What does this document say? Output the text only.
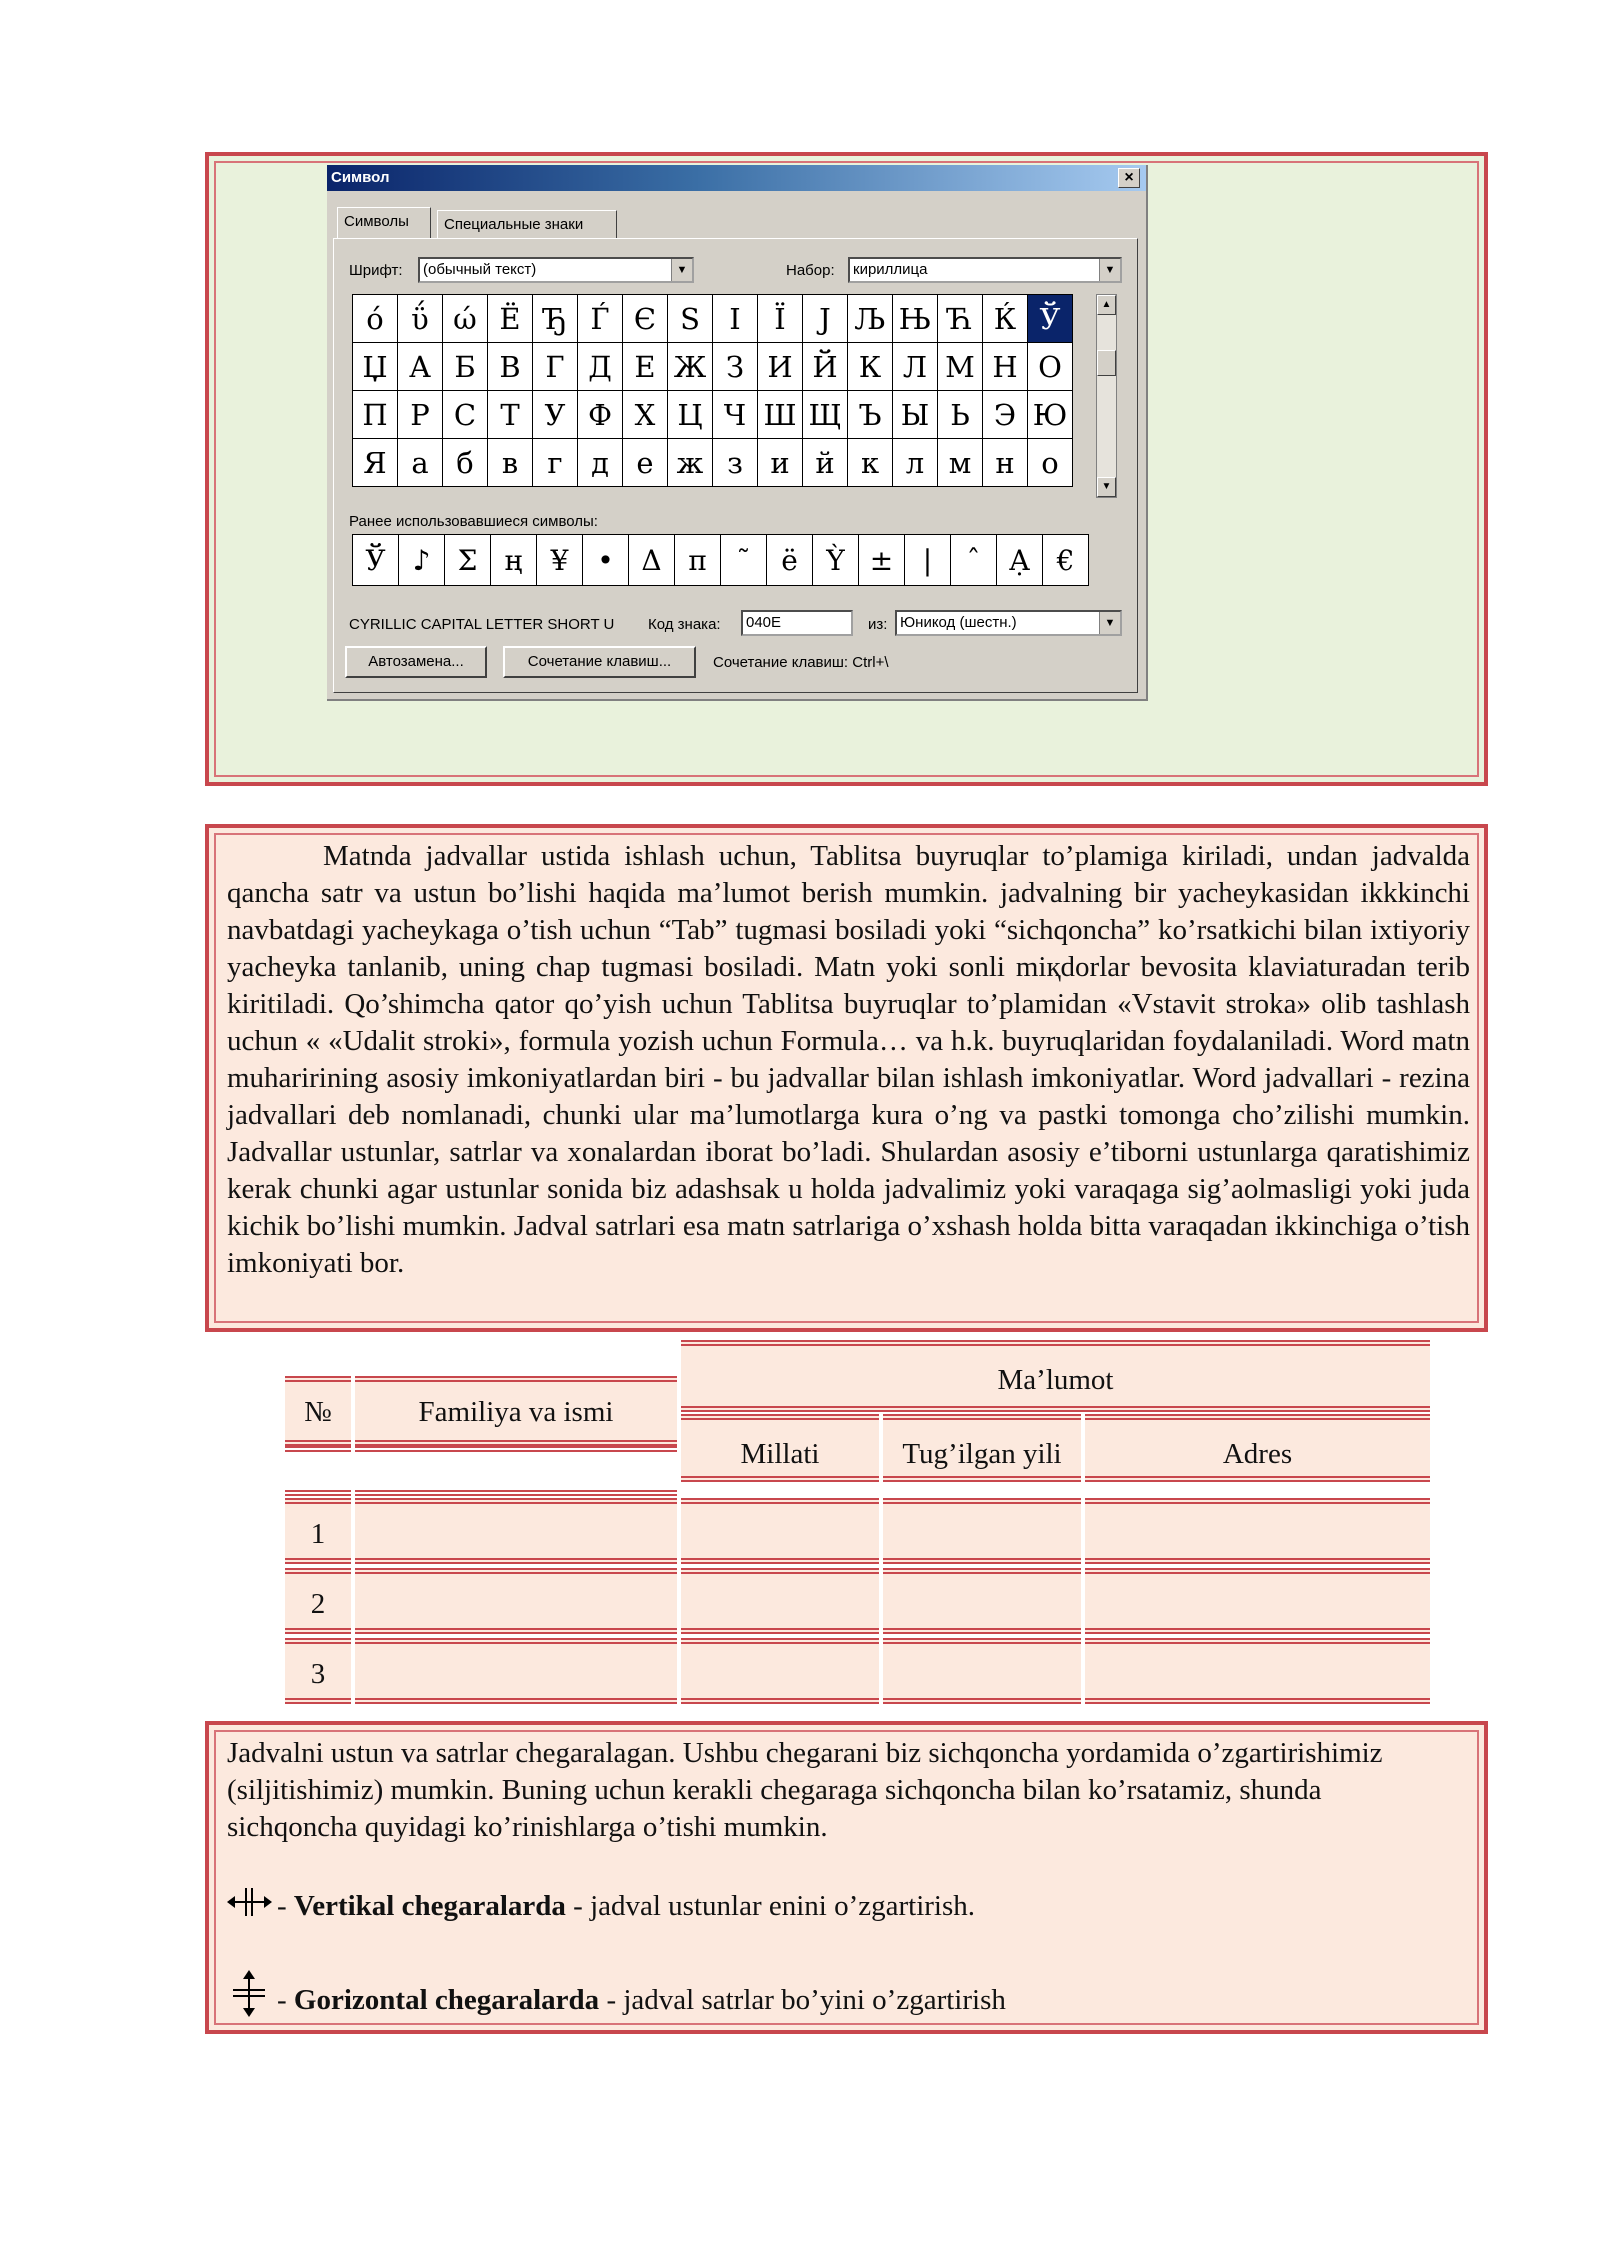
Символ	×
Символы	Специальные знаки
Шрифт:	(обычный текст)	▼	Набор:	кириллица	▼
ó	ΰ	ώ	Ё	Ђ	Ѓ	Є	Ѕ	І	Ї	Ј	Љ	Њ	Ћ	Ќ	Ў
Џ	А	Б	В	Г	Д	Е	Ж	З	И	Й	К	Л	М	Н	О
П	Р	С	Т	У	Ф	Х	Ц	Ч	Ш	Щ	Ъ	Ы	Ь	Э	Ю
Я	а	б	в	г	д	е	ж	з	и	й	к	л	м	н	о
▲
▼
Ранее использовавшиеся символы:
Ў	♪	Σ	ң	¥	•	Δ	π	˜	ё	Ỳ	±	|	ˆ	Ạ	€
CYRILLIC CAPITAL LETTER SHORT U Код знака:	040E	из: Юникод (шестн.)	▼
Автозамена...	Сочетание клавиш...	Сочетание клавиш: Ctrl+\

Matnda jadvallar ustida ishlash uchun, Tablitsa buyruqlar to’plamiga kiriladi, undan jadvalda qancha satr va ustun bo’lishi haqida ma’lumot berish mumkin. jadvalning bir yacheykasidan ikkkinchi navbatdagi yacheykaga o’tish uchun “Tab” tugmasi bosiladi yoki “sichqoncha” ko’rsatkichi bilan ixtiyoriy yacheyka tanlanib, uning chap tugmasi bosiladi. Matn yoki sonli miқdorlar bevosita klaviaturadan terib kiritiladi. Qo’shimcha qator qo’yish uchun Tablitsa buyruqlar to’plamidan «Vstavit stroka» olib tashlash uchun « «Udalit stroki», formula yozish uchun Formula… va h.k. buyruqlaridan foydalaniladi. Word matn muharirining asosiy imkoniyatlardan biri - bu jadvallar bilan ishlash imkoniyatlar. Word jadvallari - rezina jadvallari deb nomlanadi, chunki ular ma’lumotlarga kura o’ng va pastki tomonga cho’zilishi mumkin. Jadvallar ustunlar, satrlar va xonalardan iborat bo’ladi. Shulardan asosiy e’tiborni ustunlarga qaratishimiz kerak chunki agar ustunlar sonida biz adashsak u holda jadvalimiz yoki varaqaga sig’aolmasligi yoki juda kichik bo’lishi mumkin. Jadval satrlari esa matn satrlariga o’xshash holda bitta varaqadan ikkinchiga o’tish imkoniyati bor.

№	Familiya va ismi
Ma’lumot
Millati	Tug’ilgan yili	Adres
1
2
3

Jadvalni ustun va satrlar chegaralagan. Ushbu chegarani biz sichqoncha yordamida o’zgartirishimiz (siljitishimiz) mumkin. Buning uchun kerakli chegaraga sichqoncha bilan ko’rsatamiz, shunda sichqoncha quyidagi ko’rinishlarga o’tishi mumkin.

- Vertikal chegaralarda - jadval ustunlar enini o’zgartirish.

- Gorizontal chegaralarda - jadval satrlar bo’yini o’zgartirish
